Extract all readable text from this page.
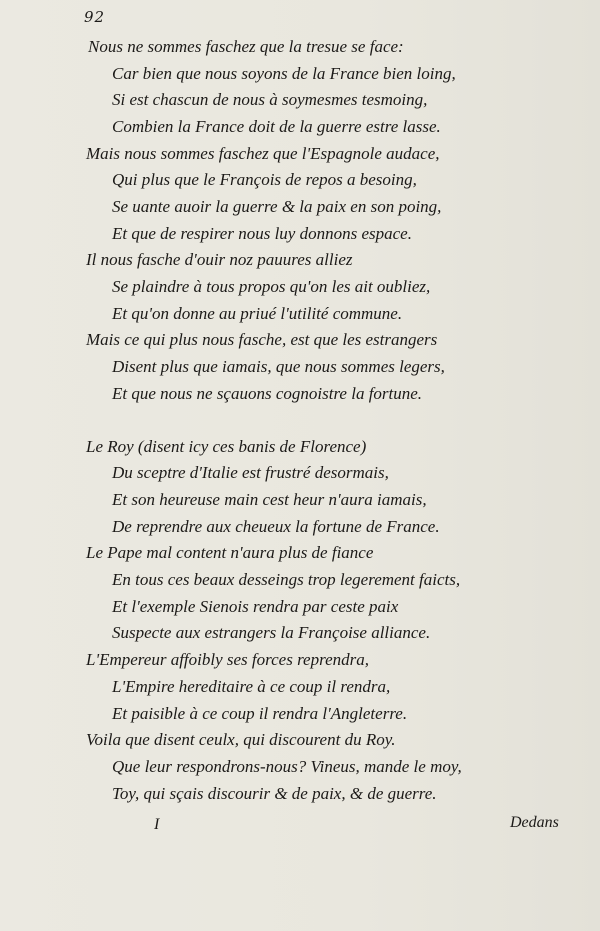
92
Nous ne sommes faschez que la tresue se face:
Car bien que nous soyons de la France bien loing,
Si est chascun de nous à soymesmes tesmoing,
Combien la France doit de la guerre estre lasse.
Mais nous sommes faschez que l'Espagnole audace,
Qui plus que le François de repos a besoing,
Se uante auoir la guerre & la paix en son poing,
Et que de respirer nous luy donnons espace.
Il nous fasche d'ouir noz pauures alliez
Se plaindre à tous propos qu'on les ait oubliez,
Et qu'on donne au priué l'utilité commune.
Mais ce qui plus nous fasche, est que les estrangers
Disent plus que iamais, que nous sommes legers,
Et que nous ne sçauons cognoistre la fortune.
Le Roy (disent icy ces banis de Florence)
Du sceptre d'Italie est frustré desormais,
Et son heureuse main cest heur n'aura iamais,
De reprendre aux cheueux la fortune de France.
Le Pape mal content n'aura plus de fiance
En tous ces beaux desseings trop legerement faicts,
Et l'exemple Sienois rendra par ceste paix
Suspecte aux estrangers la Françoise alliance.
L'Empereur affoibly ses forces reprendra,
L'Empire hereditaire à ce coup il rendra,
Et paisible à ce coup il rendra l'Angleterre.
Voila que disent ceulx, qui discourent du Roy.
Que leur respondrons-nous? Vineus, mande le moy,
Toy, qui sçais discourir & de paix, & de guerre.
I	Dedans
